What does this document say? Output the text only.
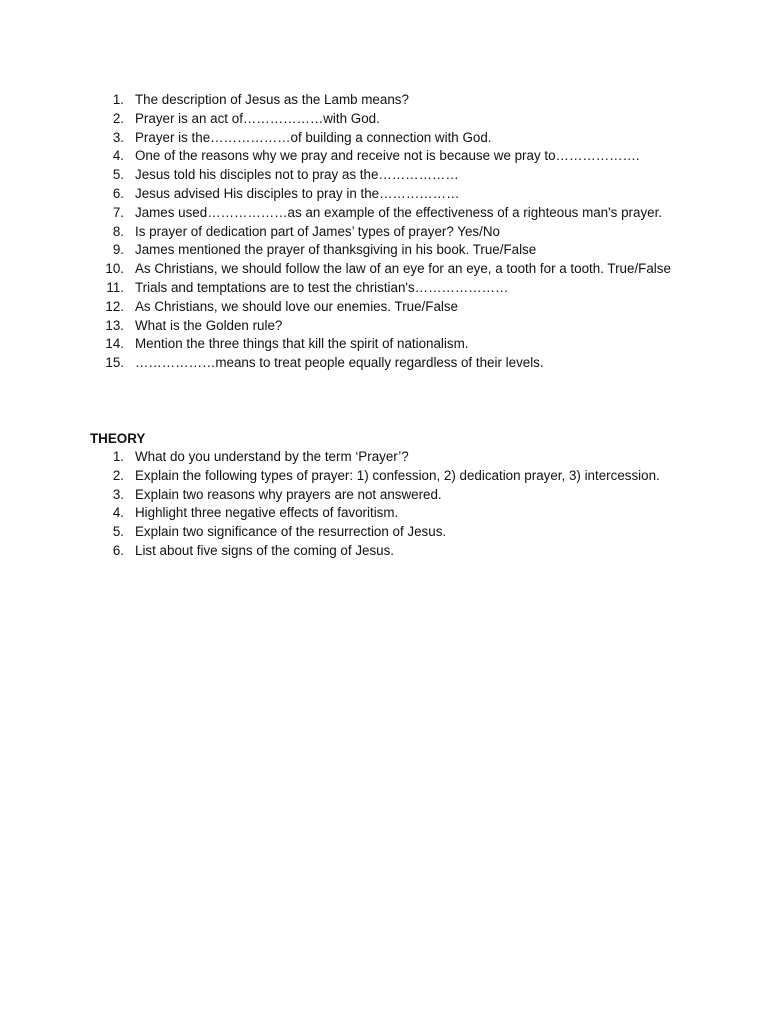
1. The description of Jesus as the Lamb means?
2. Prayer is an act of………………with God.
3. Prayer is the………………of building a connection with God.
4. One of the reasons why we pray and receive not is because we pray to……………….
5. Jesus told his disciples not to pray as the………………
6. Jesus advised His disciples to pray in the………………
7. James used………………as an example of the effectiveness of a righteous man's prayer.
8. Is prayer of dedication part of James’ types of prayer? Yes/No
9. James mentioned the prayer of thanksgiving in his book. True/False
10. As Christians, we should follow the law of an eye for an eye, a tooth for a tooth. True/False
11. Trials and temptations are to test the christian's…………………
12. As Christians, we should love our enemies. True/False
13. What is the Golden rule?
14. Mention the three things that kill the spirit of nationalism.
15. ………………means to treat people equally regardless of their levels.
THEORY
1. What do you understand by the term ‘Prayer’?
2. Explain the following types of prayer: 1) confession, 2) dedication prayer, 3) intercession.
3. Explain two reasons why prayers are not answered.
4. Highlight three negative effects of favoritism.
5. Explain two significance of the resurrection of Jesus.
6. List about five signs of the coming of Jesus.
